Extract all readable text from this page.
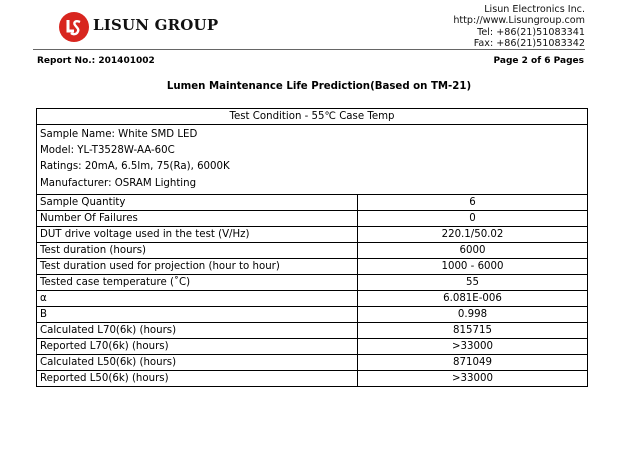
LISUN GROUP
Lisun Electronics Inc.
http://www.Lisungroup.com
Tel: +86(21)51083341
Fax: +86(21)51083342
Report No.: 201401002	Page 2 of 6 Pages
Lumen Maintenance Life Prediction(Based on TM-21)
Test Condition - 55℃ Case Temp	

Sample Name: White SMD LED
Model: YL-T3528W-AA-60C
Ratings: 20mA, 6.5lm, 75(Ra), 6000K
Manufacturer: OSRAM Lighting	

Sample Quantity	6
Number Of Failures	0
DUT drive voltage used in the test (V/Hz)	220.1/50.02
Test duration (hours)	6000
Test duration used for projection (hour to hour)	1000 - 6000
Tested case temperature (˚C)	55
α	6.081E-006
B	0.998
Calculated L70(6k) (hours)	815715
Reported L70(6k) (hours)	>33000
Calculated L50(6k) (hours)	871049
Reported L50(6k) (hours)	>33000
